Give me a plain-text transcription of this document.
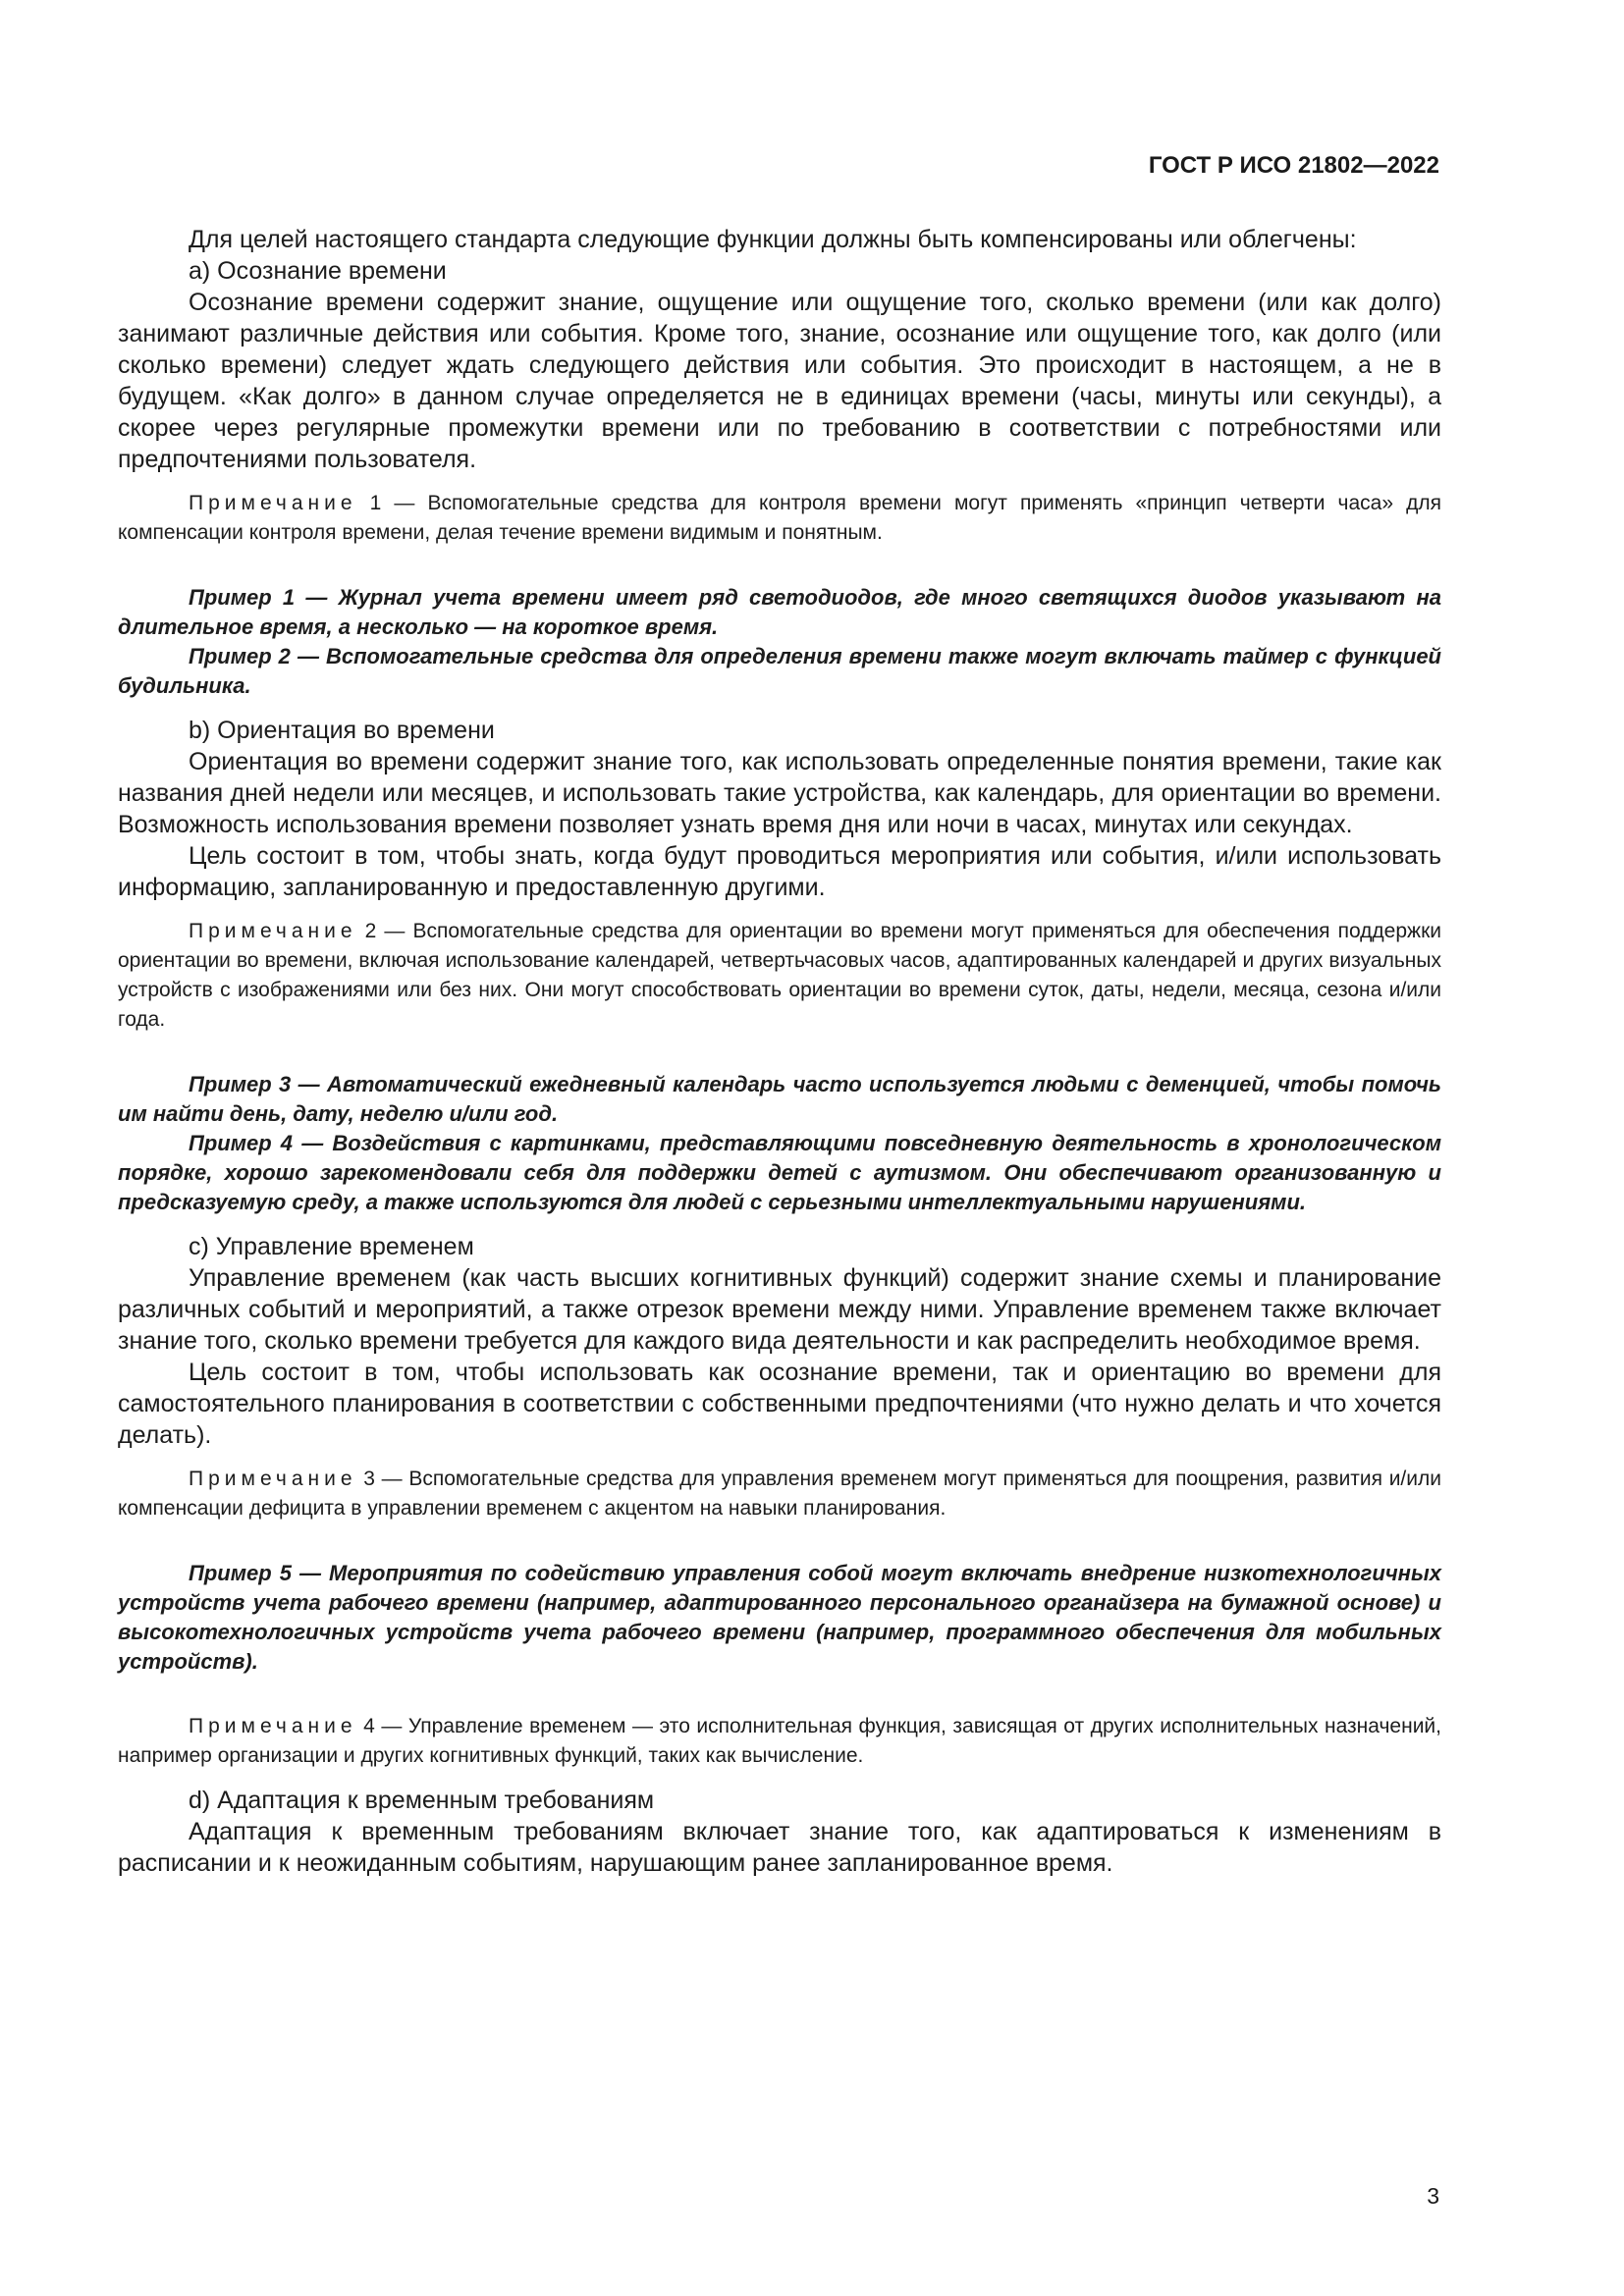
ГОСТ Р ИСО 21802—2022

Для целей настоящего стандарта следующие функции должны быть компенсированы или облегчены:

a) Осознание времени

Осознание времени содержит знание, ощущение или ощущение того, сколько времени (или как долго) занимают различные действия или события. Кроме того, знание, осознание или ощущение того, как долго (или сколько времени) следует ждать следующего действия или события. Это происходит в настоящем, а не в будущем. «Как долго» в данном случае определяется не в единицах времени (часы, минуты или секунды), а скорее через регулярные промежутки времени или по требованию в соответствии с потребностями или предпочтениями пользователя.

Примечание 1 — Вспомогательные средства для контроля времени могут применять «принцип четверти часа» для компенсации контроля времени, делая течение времени видимым и понятным.

Пример 1 — Журнал учета времени имеет ряд светодиодов, где много светящихся диодов указывают на длительное время, а несколько — на короткое время.

Пример 2 — Вспомогательные средства для определения времени также могут включать таймер с функцией будильника.

b) Ориентация во времени

Ориентация во времени содержит знание того, как использовать определенные понятия времени, такие как названия дней недели или месяцев, и использовать такие устройства, как календарь, для ориентации во времени. Возможность использования времени позволяет узнать время дня или ночи в часах, минутах или секундах.

Цель состоит в том, чтобы знать, когда будут проводиться мероприятия или события, и/или использовать информацию, запланированную и предоставленную другими.

Примечание 2 — Вспомогательные средства для ориентации во времени могут применяться для обеспечения поддержки ориентации во времени, включая использование календарей, четвертьчасовых часов, адаптированных календарей и других визуальных устройств с изображениями или без них. Они могут способствовать ориентации во времени суток, даты, недели, месяца, сезона и/или года.

Пример 3 — Автоматический ежедневный календарь часто используется людьми с деменцией, чтобы помочь им найти день, дату, неделю и/или год.

Пример 4 — Воздействия с картинками, представляющими повседневную деятельность в хронологическом порядке, хорошо зарекомендовали себя для поддержки детей с аутизмом. Они обеспечивают организованную и предсказуемую среду, а также используются для людей с серьезными интеллектуальными нарушениями.

c) Управление временем

Управление временем (как часть высших когнитивных функций) содержит знание схемы и планирование различных событий и мероприятий, а также отрезок времени между ними. Управление временем также включает знание того, сколько времени требуется для каждого вида деятельности и как распределить необходимое время.

Цель состоит в том, чтобы использовать как осознание времени, так и ориентацию во времени для самостоятельного планирования в соответствии с собственными предпочтениями (что нужно делать и что хочется делать).

Примечание 3 — Вспомогательные средства для управления временем могут применяться для поощрения, развития и/или компенсации дефицита в управлении временем с акцентом на навыки планирования.

Пример 5 — Мероприятия по содействию управления собой могут включать внедрение низкотехнологичных устройств учета рабочего времени (например, адаптированного персонального органайзера на бумажной основе) и высокотехнологичных устройств учета рабочего времени (например, программного обеспечения для мобильных устройств).

Примечание 4 — Управление временем — это исполнительная функция, зависящая от других исполнительных назначений, например организации и других когнитивных функций, таких как вычисление.

d) Адаптация к временным требованиям

Адаптация к временным требованиям включает знание того, как адаптироваться к изменениям в расписании и к неожиданным событиям, нарушающим ранее запланированное время.

3
